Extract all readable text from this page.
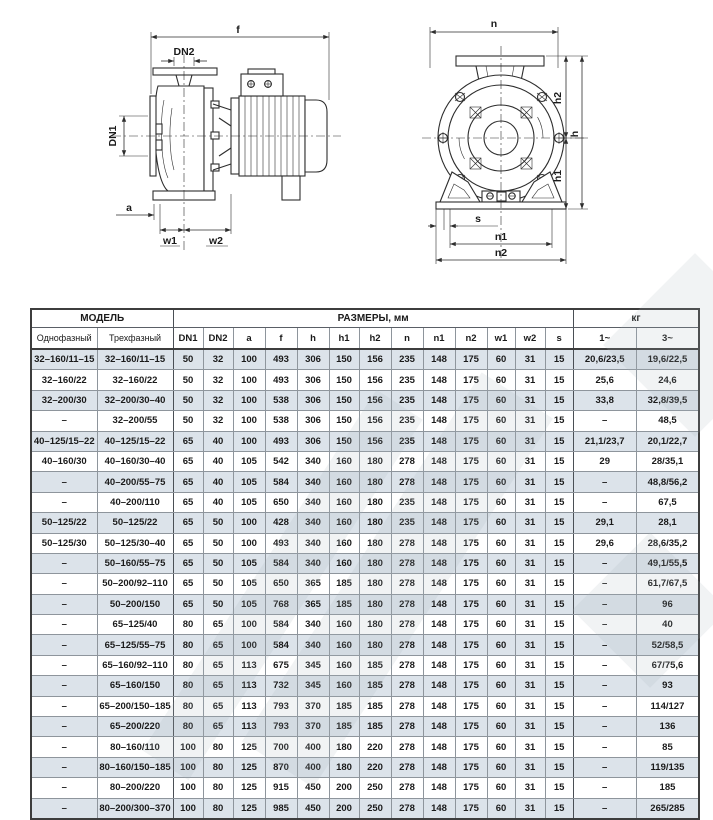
f
DN2
DN1
a
w1	w2
n
h2
h1
h
s
n1
n2
МОДЕЛЬ		РАЗМЕРЫ, мм													кг	
Однофазный	Трехфазный	DN1	DN2	a	f	h	h1	h2	n	n1	n2	w1	w2	s	1~	3~
32–160/11–15	32–160/11–15	50	32	100	493	306	150	156	235	148	175	60	31	15	20,6/23,5	19,6/22,5
32–160/22	32–160/22	50	32	100	493	306	150	156	235	148	175	60	31	15	25,6	24,6
32–200/30	32–200/30–40	50	32	100	538	306	150	156	235	148	175	60	31	15	33,8	32,8/39,5
–	32–200/55	50	32	100	538	306	150	156	235	148	175	60	31	15	–	48,5
40–125/15–22	40–125/15–22	65	40	100	493	306	150	156	235	148	175	60	31	15	21,1/23,7	20,1/22,7
40–160/30	40–160/30–40	65	40	105	542	340	160	180	278	148	175	60	31	15	29	28/35,1
–	40–200/55–75	65	40	105	584	340	160	180	278	148	175	60	31	15	–	48,8/56,2
–	40–200/110	65	40	105	650	340	160	180	235	148	175	60	31	15	–	67,5
50–125/22	50–125/22	65	50	100	428	340	160	180	235	148	175	60	31	15	29,1	28,1
50–125/30	50–125/30–40	65	50	100	493	340	160	180	278	148	175	60	31	15	29,6	28,6/35,2
–	50–160/55–75	65	50	105	584	340	160	180	278	148	175	60	31	15	–	49,1/55,5
–	50–200/92–110	65	50	105	650	365	185	180	278	148	175	60	31	15	–	61,7/67,5
–	50–200/150	65	50	105	768	365	185	180	278	148	175	60	31	15	–	96
–	65–125/40	80	65	100	584	340	160	180	278	148	175	60	31	15	–	40
–	65–125/55–75	80	65	100	584	340	160	180	278	148	175	60	31	15	–	52/58,5
–	65–160/92–110	80	65	113	675	345	160	185	278	148	175	60	31	15	–	67/75,6
–	65–160/150	80	65	113	732	345	160	185	278	148	175	60	31	15	–	93
–	65–200/150–185	80	65	113	793	370	185	185	278	148	175	60	31	15	–	114/127
–	65–200/220	80	65	113	793	370	185	185	278	148	175	60	31	15	–	136
–	80–160/110	100	80	125	700	400	180	220	278	148	175	60	31	15	–	85
–	80–160/150–185	100	80	125	870	400	180	220	278	148	175	60	31	15	–	119/135
–	80–200/220	100	80	125	915	450	200	250	278	148	175	60	31	15	–	185
–	80–200/300–370	100	80	125	985	450	200	250	278	148	175	60	31	15	–	265/285
